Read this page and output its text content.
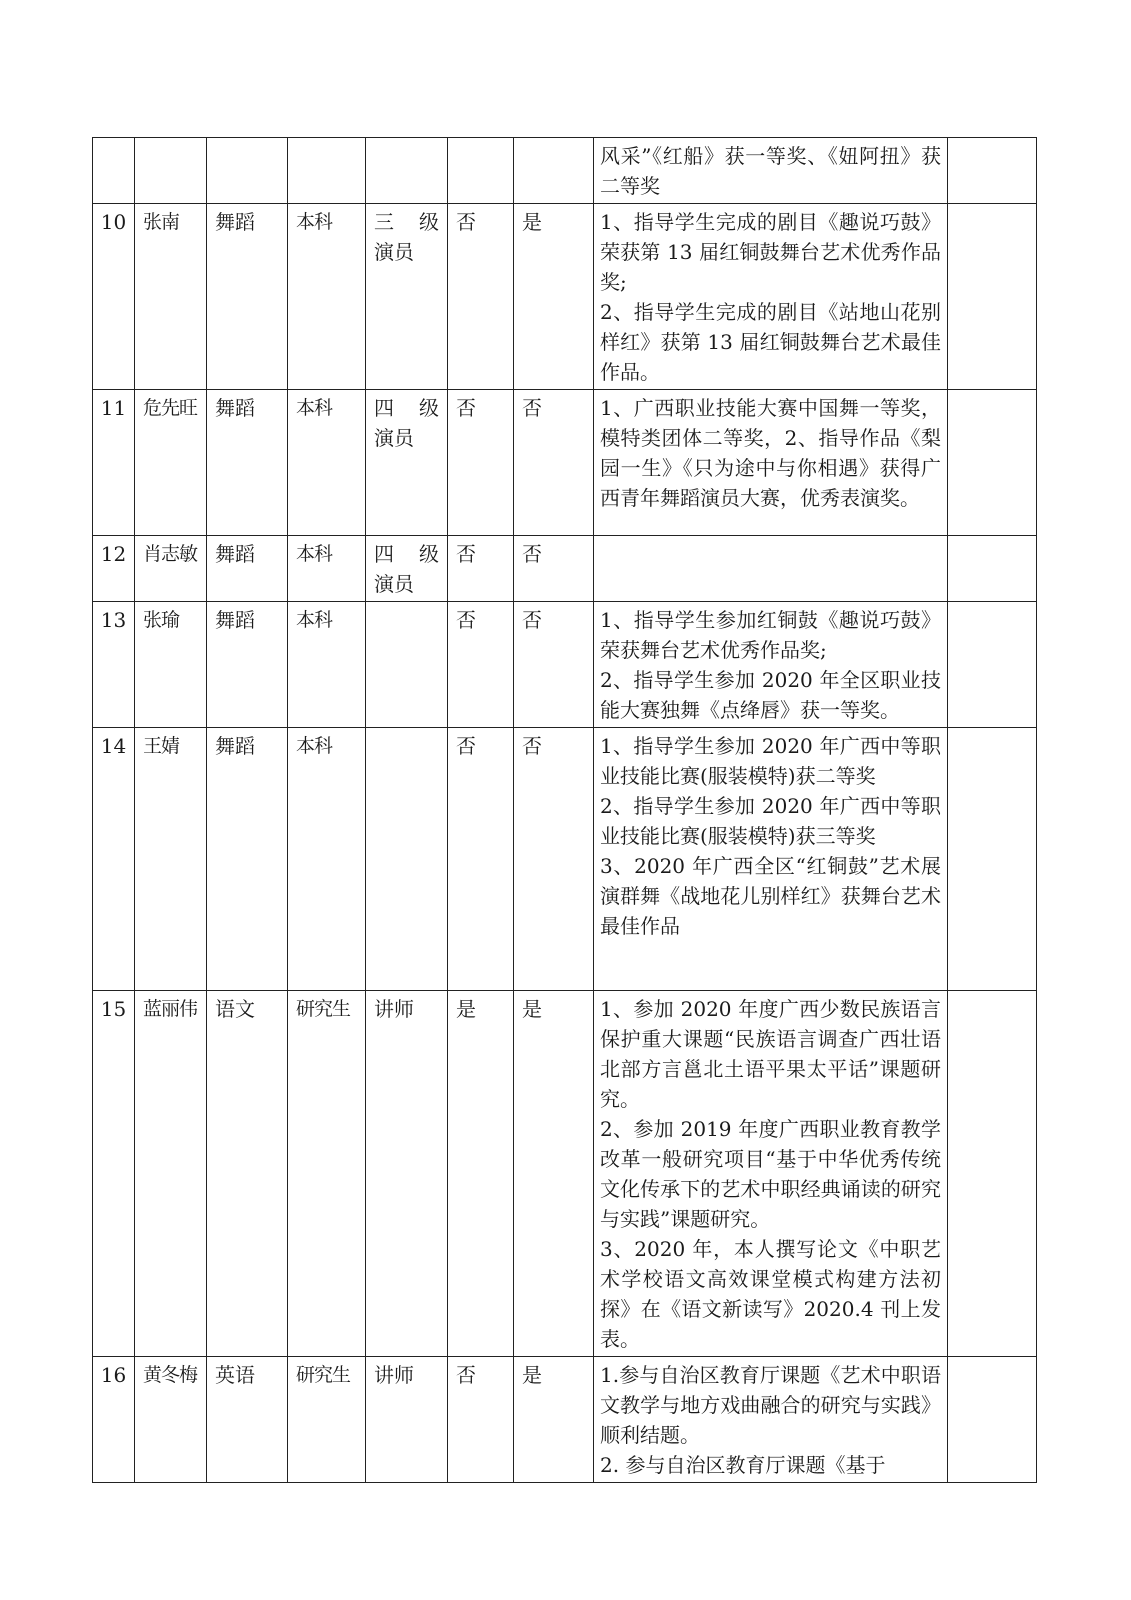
							风采”《红船》获一等奖、《妞阿扭》获二等奖	

10	张南	舞蹈	本科	三 级 演员	否	是	1、指导学生完成的剧目《趣说巧鼓》荣获第 13 届红铜鼓舞台艺术优秀作品奖;

2、指导学生完成的剧目《站地山花别样红》获第 13 届红铜鼓舞台艺术最佳作品。	

11	危先旺	舞蹈	本科	四 级 演员	否	否	1、广西职业技能大赛中国舞一等奖，模特类团体二等奖，2、指导作品《梨园一生》《只为途中与你相遇》获得广西青年舞蹈演员大赛，优秀表演奖。	

12	肖志敏	舞蹈	本科	四 级 演员	否	否		
13	张瑜	舞蹈	本科		否	否	1、指导学生参加红铜鼓《趣说巧鼓》荣获舞台艺术优秀作品奖;

2、指导学生参加 2020 年全区职业技能大赛独舞《点绛唇》获一等奖。	

14	王婧	舞蹈	本科		否	否	1、指导学生参加 2020 年广西中等职业技能比赛(服装模特)获二等奖

2、指导学生参加 2020 年广西中等职业技能比赛(服装模特)获三等奖

3、2020 年广西全区“红铜鼓”艺术展演群舞《战地花儿别样红》获舞台艺术最佳作品	

15	蓝丽伟	语文	研究生	讲师	是	是	1、参加 2020 年度广西少数民族语言保护重大课题“民族语言调查广西壮语北部方言邕北土语平果太平话”课题研究。

2、参加 2019 年度广西职业教育教学改革一般研究项目“基于中华优秀传统文化传承下的艺术中职经典诵读的研究与实践”课题研究。

3、2020 年，本人撰写论文《中职艺术学校语文高效课堂模式构建方法初探》在《语文新读写》2020.4 刊上发表。	

16	黄冬梅	英语	研究生	讲师	否	是	1.参与自治区教育厅课题《艺术中职语文教学与地方戏曲融合的研究与实践》顺利结题。

2. 参与自治区教育厅课题《基于	
